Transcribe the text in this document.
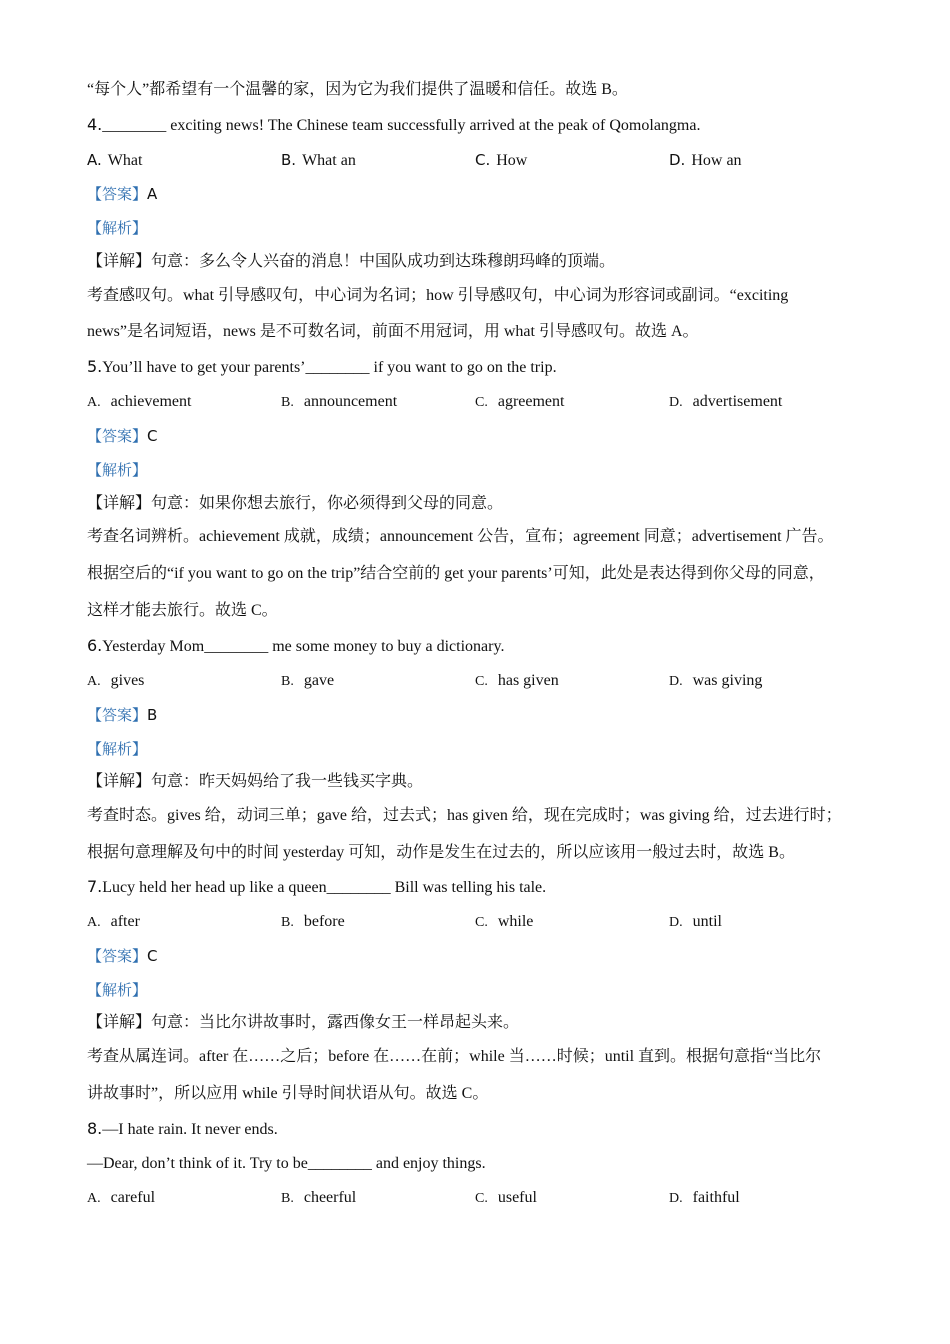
“每个人”都希望有一个温馨的家，因为它为我们提供了温暖和信任。故选 B。
4.________ exciting news! The Chinese team successfully arrived at the peak of Qomolangma.
A. What	B. What an	C. How	D. How an
【答案】A
【解析】
【详解】句意：多么令人兴奋的消息！中国队成功到达珠穆朗玛峰的顶端。
考查感叹句。what 引导感叹句，中心词为名词；how 引导感叹句，中心词为形容词或副词。“exciting
news”是名词短语，news 是不可数名词，前面不用冠词，用 what 引导感叹句。故选 A。
5.You’ll have to get your parents’________ if you want to go on the trip.
A. achievement	B. announcement	C. agreement	D. advertisement
【答案】C
【解析】
【详解】句意：如果你想去旅行，你必须得到父母的同意。
考查名词辨析。achievement 成就，成绩；announcement 公告，宣布；agreement 同意；advertisement 广告。
根据空后的“if you want to go on the trip”结合空前的 get your parents’可知，此处是表达得到你父母的同意，
这样才能去旅行。故选 C。
6.Yesterday Mom________ me some money to buy a dictionary.
A. gives	B. gave	C. has given	D. was giving
【答案】B
【解析】
【详解】句意：昨天妈妈给了我一些钱买字典。
考查时态。gives 给，动词三单；gave 给，过去式；has given 给，现在完成时；was giving 给，过去进行时；
根据句意理解及句中的时间 yesterday 可知，动作是发生在过去的，所以应该用一般过去时，故选 B。
7.Lucy held her head up like a queen________ Bill was telling his tale.
A. after	B. before	C. while	D. until
【答案】C
【解析】
【详解】句意：当比尔讲故事时，露西像女王一样昂起头来。
考查从属连词。after 在……之后；before 在……在前；while 当……时候；until 直到。根据句意指“当比尔
讲故事时”，所以应用 while 引导时间状语从句。故选 C。
8.—I hate rain. It never ends.
—Dear, don’t think of it. Try to be________ and enjoy things.
A. careful	B. cheerful	C. useful	D. faithful
